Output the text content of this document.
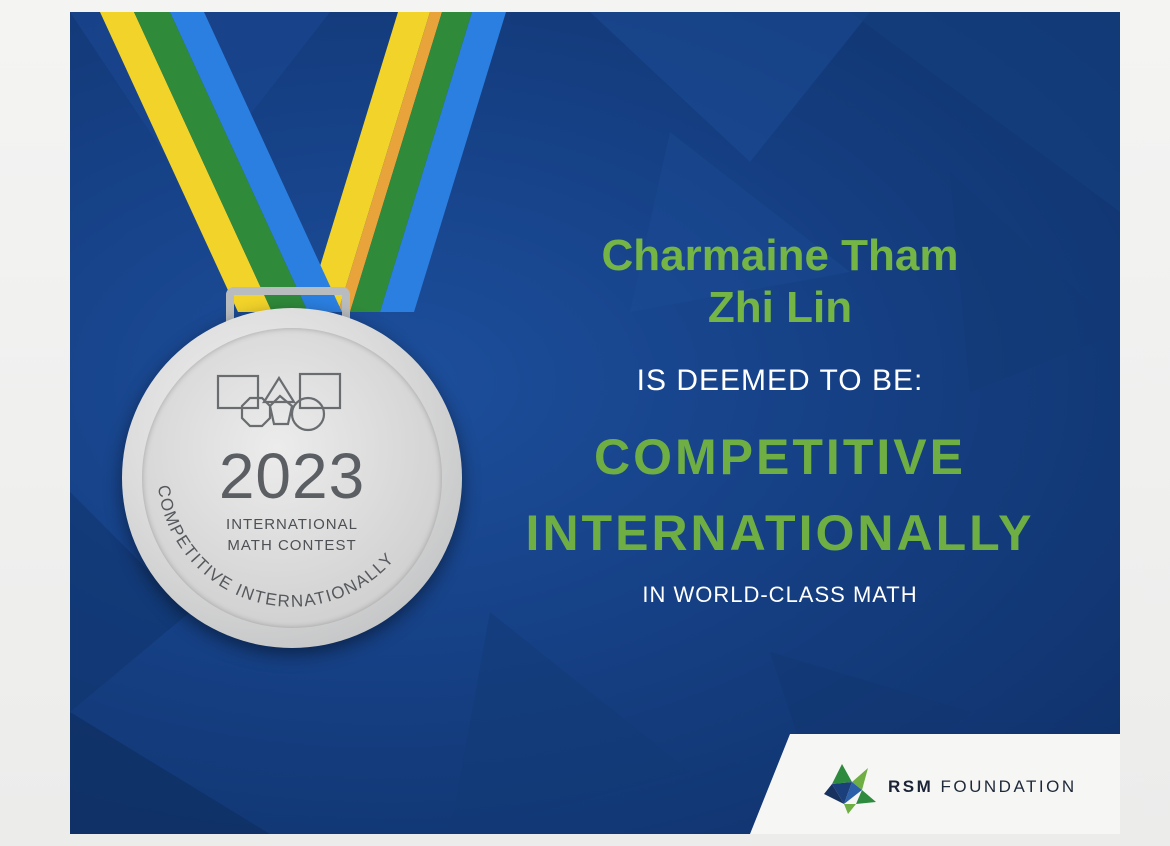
2023
INTERNATIONAL
MATH CONTEST
COMPETITIVE INTERNATIONALLY
Charmaine Tham
Zhi Lin
IS DEEMED TO BE:
COMPETITIVE
INTERNATIONALLY
IN WORLD-CLASS MATH
RSM FOUNDATION
